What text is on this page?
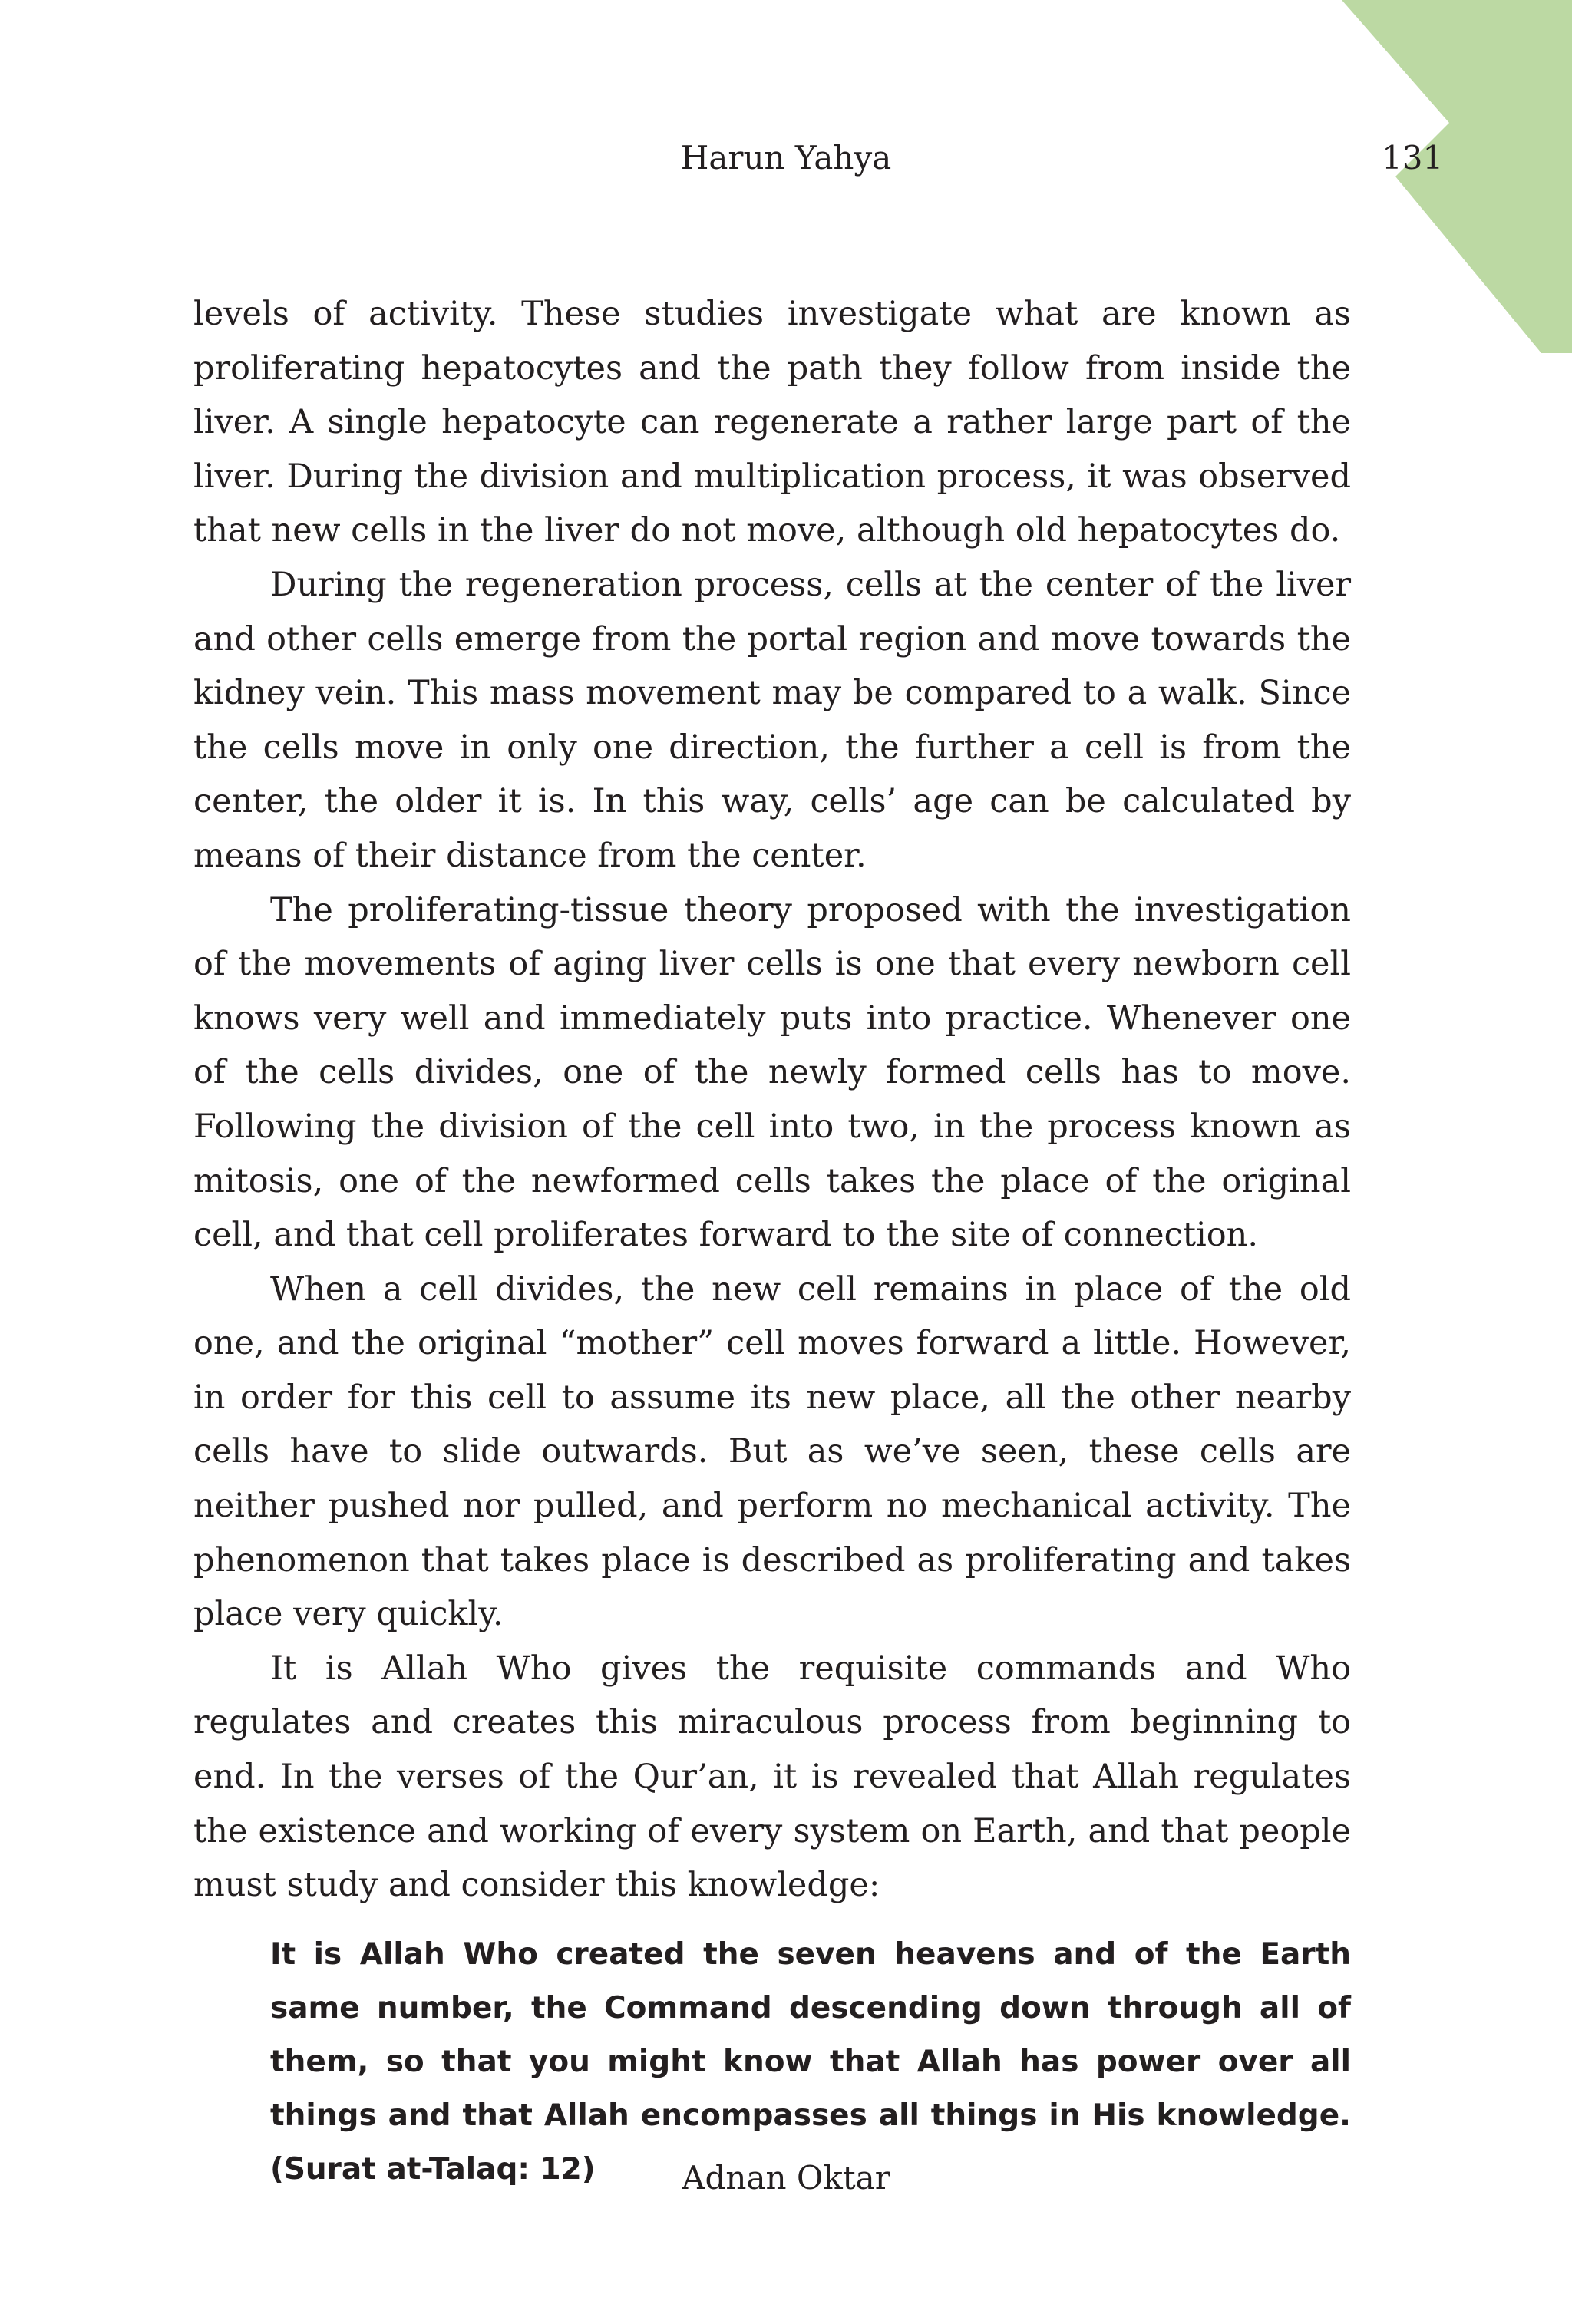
Harun Yahya	131

levels of activity. These studies investigate what are known as proliferating hepatocytes and the path they follow from inside the liver. A single hepatocyte can regenerate a rather large part of the liver. During the division and multiplication process, it was observed that new cells in the liver do not move, although old hepatocytes do.

During the regeneration process, cells at the center of the liver and other cells emerge from the portal region and move towards the kidney vein. This mass movement may be compared to a walk. Since the cells move in only one direction, the further a cell is from the center, the older it is. In this way, cells’ age can be calculated by means of their distance from the center.

The proliferating-tissue theory proposed with the investigation of the movements of aging liver cells is one that every newborn cell knows very well and immediately puts into practice. Whenever one of the cells divides, one of the newly formed cells has to move. Following the division of the cell into two, in the process known as mitosis, one of the newformed cells takes the place of the original cell, and that cell proliferates forward to the site of connection.

When a cell divides, the new cell remains in place of the old one, and the original “mother” cell moves forward a little. However, in order for this cell to assume its new place, all the other nearby cells have to slide outwards. But as we’ve seen, these cells are neither pushed nor pulled, and perform no mechanical activity. The phenomenon that takes place is described as proliferating and takes place very quickly.

It is Allah Who gives the requisite commands and Who regulates and creates this miraculous process from beginning to end. In the verses of the Qur’an, it is revealed that Allah regulates the existence and working of every system on Earth, and that people must study and consider this knowledge:

It is Allah Who created the seven heavens and of the Earth same number, the Command descending down through all of them, so that you might know that Allah has power over all things and that Allah encompasses all things in His knowledge. (Surat at-Talaq: 12)	Adnan Oktar
